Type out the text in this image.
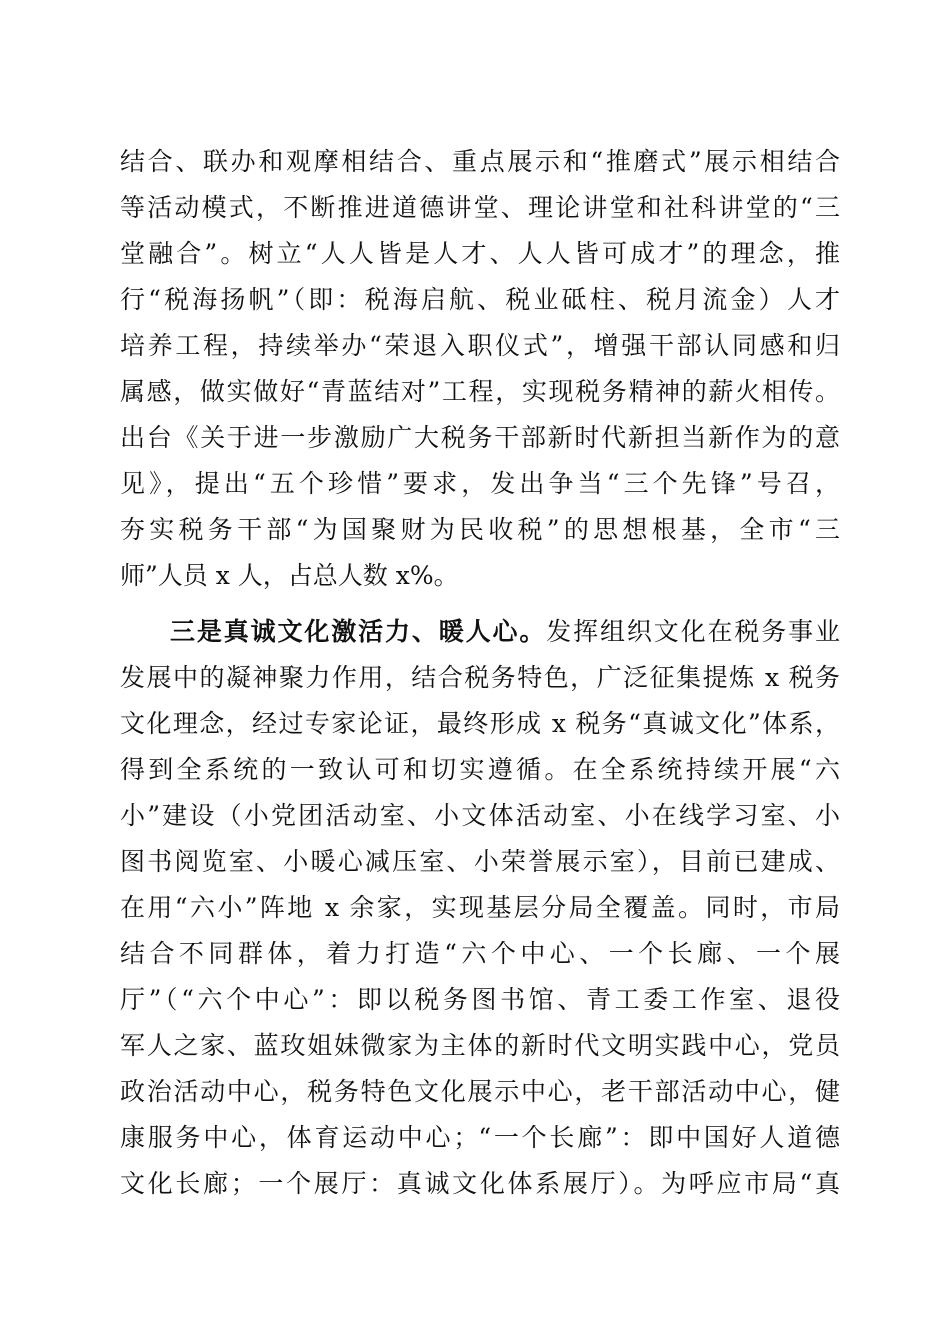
结合、联办和观摩相结合、重点展示和“推磨式”展示相结合
等活动模式，不断推进道德讲堂、理论讲堂和社科讲堂的“三
堂融合”。树立“人人皆是人才、人人皆可成才”的理念，推
行“税海扬帆”（即：税海启航、税业砥柱、税月流金）人才
培养工程，持续举办“荣退入职仪式”，增强干部认同感和归
属感，做实做好“青蓝结对”工程，实现税务精神的薪火相传。
出台《关于进一步激励广大税务干部新时代新担当新作为的意
见》，提出“五个珍惜”要求，发出争当“三个先锋”号召，
夯实税务干部“为国聚财为民收税”的思想根基，全市“三
师”人员 x 人，占总人数 x%。
三是真诚文化激活力、暖人心。发挥组织文化在税务事业
发展中的凝神聚力作用，结合税务特色，广泛征集提炼 x 税务
文化理念，经过专家论证，最终形成 x 税务“真诚文化”体系，
得到全系统的一致认可和切实遵循。在全系统持续开展“六
小”建设（小党团活动室、小文体活动室、小在线学习室、小
图书阅览室、小暖心减压室、小荣誉展示室），目前已建成、
在用“六小”阵地 x 余家，实现基层分局全覆盖。同时，市局
结合不同群体，着力打造“六个中心、一个长廊、一个展
厅”（“六个中心”：即以税务图书馆、青工委工作室、退役
军人之家、蓝玫姐妹微家为主体的新时代文明实践中心，党员
政治活动中心，税务特色文化展示中心，老干部活动中心，健
康服务中心，体育运动中心；“一个长廊”：即中国好人道德
文化长廊；一个展厅：真诚文化体系展厅）。为呼应市局“真
